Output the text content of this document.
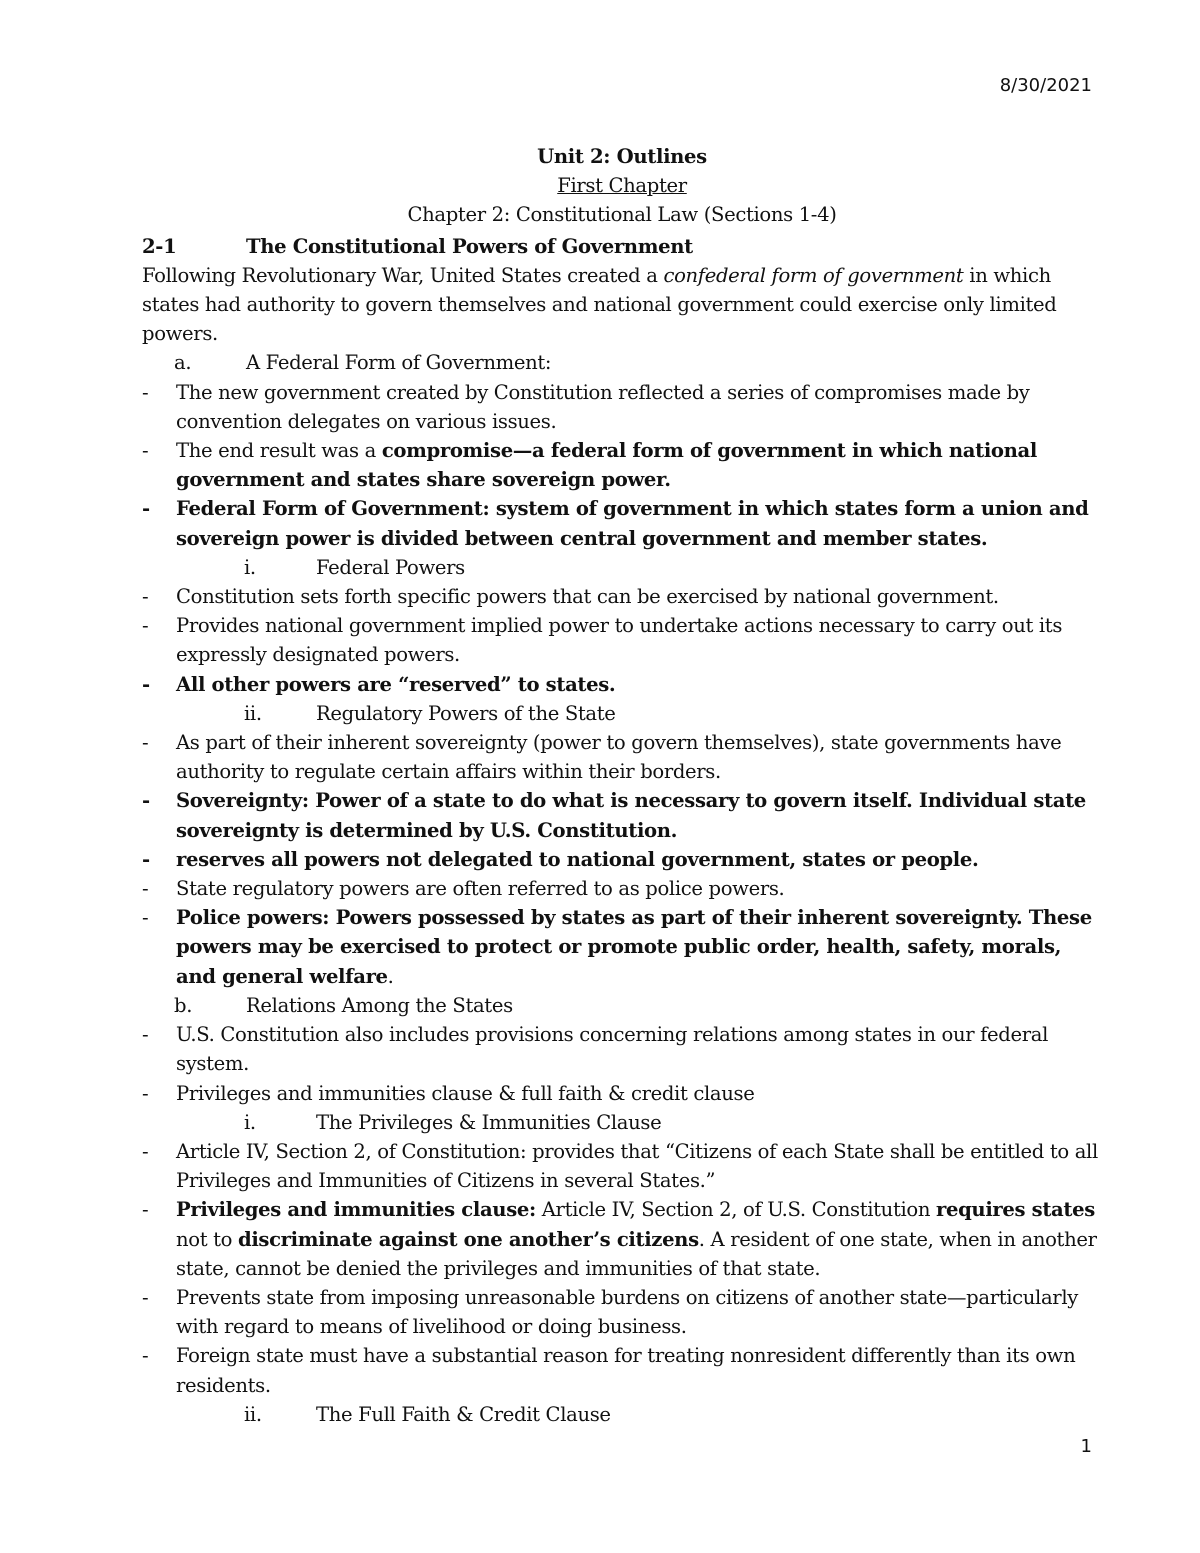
8/30/2021
Unit 2: Outlines
First Chapter
Chapter 2: Constitutional Law (Sections 1-4)
2-1	The Constitutional Powers of Government
Following Revolutionary War, United States created a confederal form of government in which states had authority to govern themselves and national government could exercise only limited powers.
a.	A Federal Form of Government:
- The new government created by Constitution reflected a series of compromises made by convention delegates on various issues.
- The end result was a compromise—a federal form of government in which national government and states share sovereign power.
- Federal Form of Government: system of government in which states form a union and sovereign power is divided between central government and member states.
i.	Federal Powers
- Constitution sets forth specific powers that can be exercised by national government.
- Provides national government implied power to undertake actions necessary to carry out its expressly designated powers.
- All other powers are “reserved” to states.
ii.	Regulatory Powers of the State
- As part of their inherent sovereignty (power to govern themselves), state governments have authority to regulate certain affairs within their borders.
- Sovereignty: Power of a state to do what is necessary to govern itself. Individual state sovereignty is determined by U.S. Constitution.
- reserves all powers not delegated to national government, states or people.
- State regulatory powers are often referred to as police powers.
- Police powers: Powers possessed by states as part of their inherent sovereignty. These powers may be exercised to protect or promote public order, health, safety, morals, and general welfare.
b.	Relations Among the States
- U.S. Constitution also includes provisions concerning relations among states in our federal system.
- Privileges and immunities clause & full faith & credit clause
i.	The Privileges & Immunities Clause
- Article IV, Section 2, of Constitution: provides that “Citizens of each State shall be entitled to all Privileges and Immunities of Citizens in several States.”
- Privileges and immunities clause: Article IV, Section 2, of U.S. Constitution requires states not to discriminate against one another’s citizens. A resident of one state, when in another state, cannot be denied the privileges and immunities of that state.
- Prevents state from imposing unreasonable burdens on citizens of another state—particularly with regard to means of livelihood or doing business.
- Foreign state must have a substantial reason for treating nonresident differently than its own residents.
ii.	The Full Faith & Credit Clause
1
